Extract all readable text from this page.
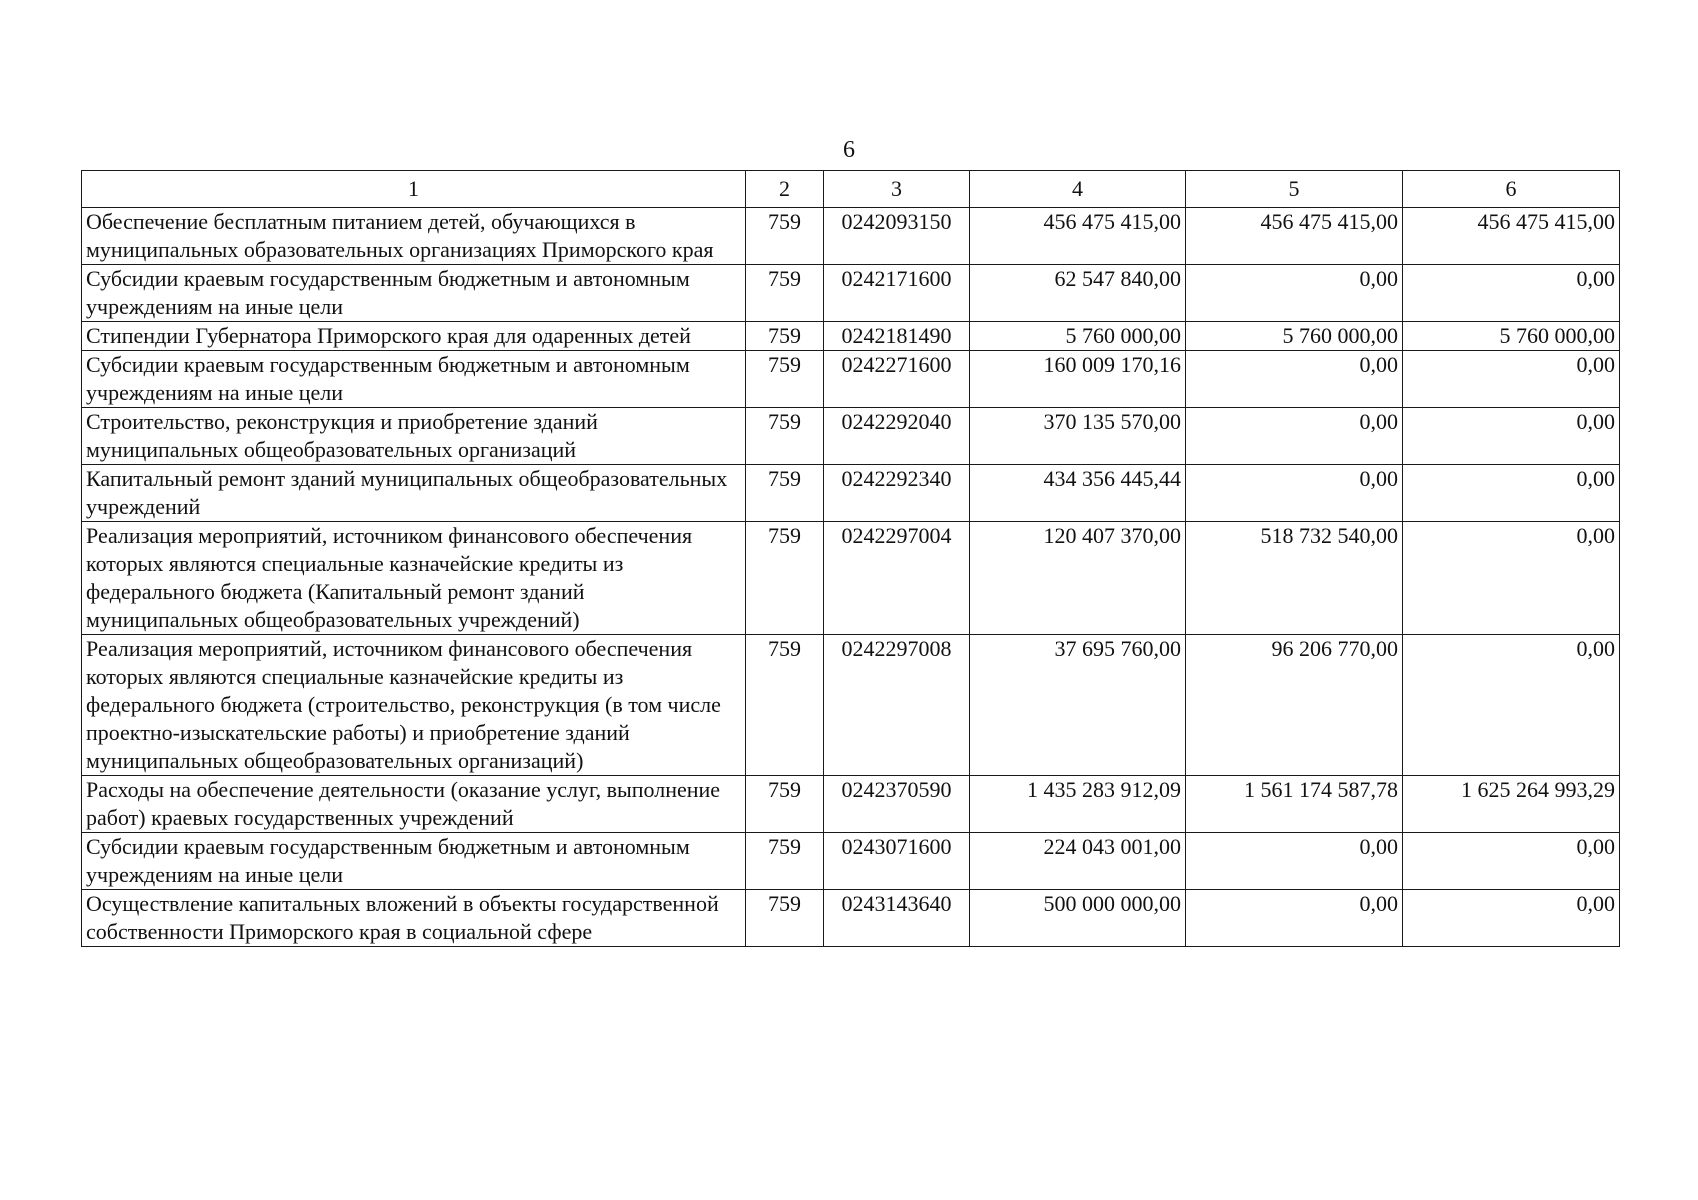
6
1	2	3	4	5	6
Обеспечение бесплатным питанием детей, обучающихся в муниципальных образовательных организациях Приморского края	759	0242093150	456 475 415,00	456 475 415,00	456 475 415,00
Субсидии краевым государственным бюджетным и автономным учреждениям на иные цели	759	0242171600	62 547 840,00	0,00	0,00
Стипендии Губернатора Приморского края для одаренных детей	759	0242181490	5 760 000,00	5 760 000,00	5 760 000,00
Субсидии краевым государственным бюджетным и автономным учреждениям на иные цели	759	0242271600	160 009 170,16	0,00	0,00
Строительство, реконструкция и приобретение зданий муниципальных общеобразовательных организаций	759	0242292040	370 135 570,00	0,00	0,00
Капитальный ремонт зданий муниципальных общеобразовательных учреждений	759	0242292340	434 356 445,44	0,00	0,00
Реализация мероприятий, источником финансового обеспечения которых являются специальные казначейские кредиты из федерального бюджета (Капитальный ремонт зданий муниципальных общеобразовательных учреждений)	759	0242297004	120 407 370,00	518 732 540,00	0,00
Реализация мероприятий, источником финансового обеспечения которых являются специальные казначейские кредиты из федерального бюджета (строительство, реконструкция (в том числе проектно-изыскательские работы) и приобретение зданий муниципальных общеобразовательных организаций)	759	0242297008	37 695 760,00	96 206 770,00	0,00
Расходы на обеспечение деятельности (оказание услуг, выполнение работ) краевых государственных учреждений	759	0242370590	1 435 283 912,09	1 561 174 587,78	1 625 264 993,29
Субсидии краевым государственным бюджетным и автономным учреждениям на иные цели	759	0243071600	224 043 001,00	0,00	0,00
Осуществление капитальных вложений в объекты государственной собственности Приморского края в социальной сфере	759	0243143640	500 000 000,00	0,00	0,00
